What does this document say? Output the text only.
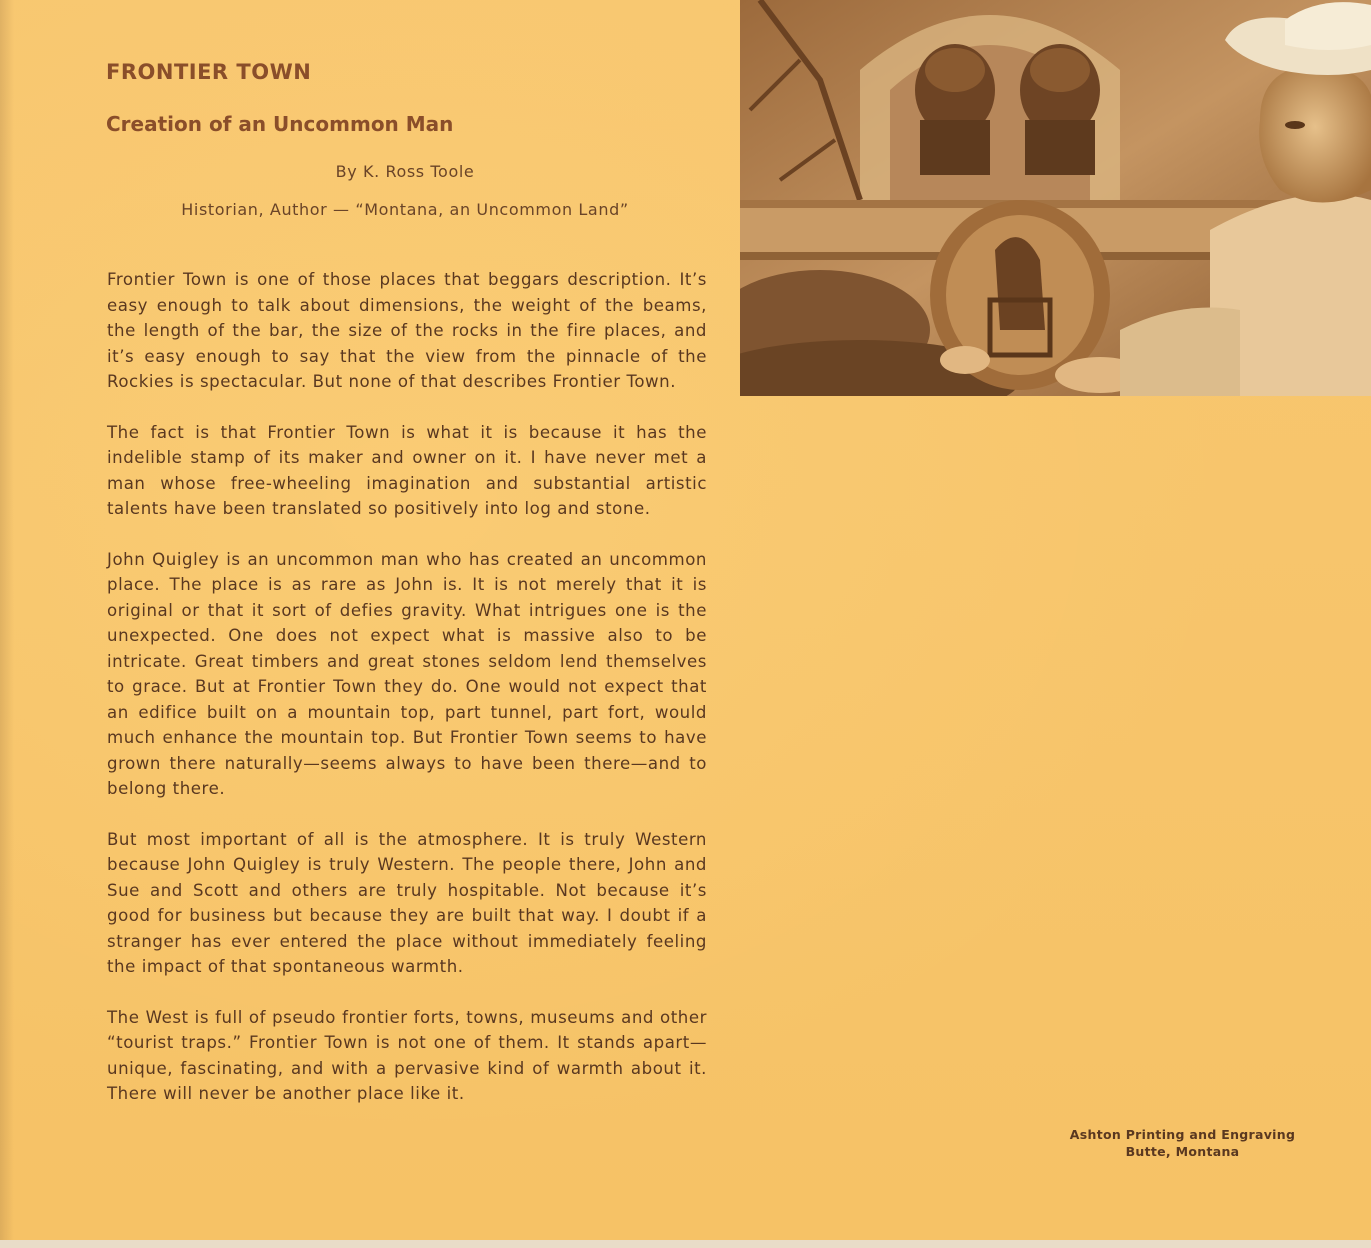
FRONTIER TOWN
Creation of an Uncommon Man
By K. Ross Toole
Historian, Author — “Montana, an Uncommon Land”

Frontier Town is one of those places that beggars description. It’s easy enough to talk about dimensions, the weight of the beams, the length of the bar, the size of the rocks in the fire places, and it’s easy enough to say that the view from the pinnacle of the Rockies is spectacular. But none of that describes Frontier Town.

The fact is that Frontier Town is what it is because it has the indelible stamp of its maker and owner on it. I have never met a man whose free-wheeling imagination and substantial artistic talents have been translated so positively into log and stone.

John Quigley is an uncommon man who has created an uncommon place. The place is as rare as John is. It is not merely that it is original or that it sort of defies gravity. What intrigues one is the unexpected. One does not expect what is massive also to be intricate. Great timbers and great stones seldom lend themselves to grace. But at Frontier Town they do. One would not expect that an edifice built on a mountain top, part tunnel, part fort, would much enhance the mountain top. But Frontier Town seems to have grown there naturally—seems always to have been there—and to belong there.

But most important of all is the atmosphere. It is truly Western because John Quigley is truly Western. The people there, John and Sue and Scott and others are truly hospitable. Not because it’s good for business but because they are built that way. I doubt if a stranger has ever entered the place without immediately feeling the impact of that spontaneous warmth.

The West is full of pseudo frontier forts, towns, museums and other “tourist traps.” Frontier Town is not one of them. It stands apart—unique, fascinating, and with a pervasive kind of warmth about it. There will never be another place like it.

Ashton Printing and Engraving
Butte, Montana
